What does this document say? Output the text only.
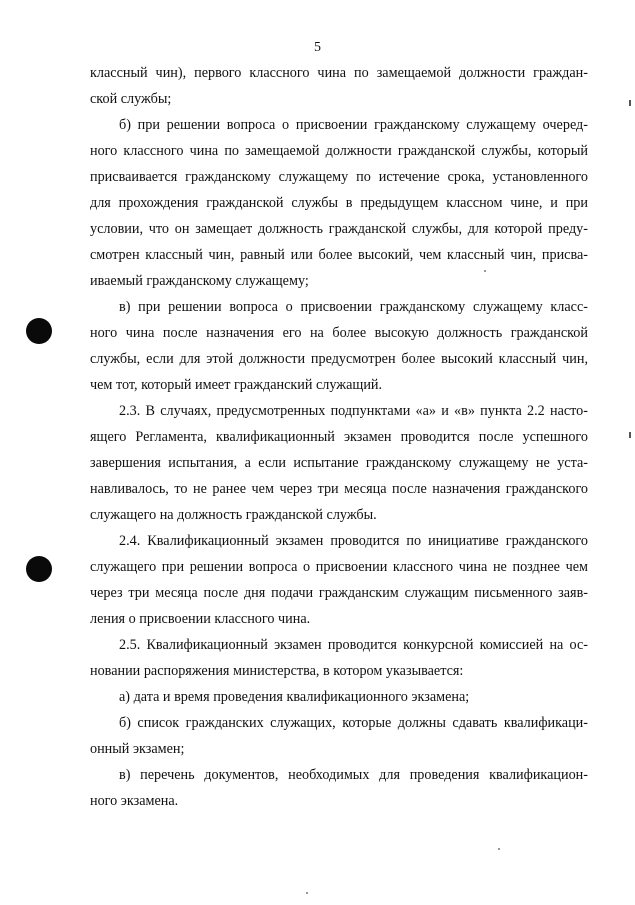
5
классный чин), первого классного чина по замещаемой должности граждан-
ской службы;
б) при решении вопроса о присвоении гражданскому служащему очеред-
ного классного чина по замещаемой должности гражданской службы, который
присваивается гражданскому служащему по истечение срока, установленного
для прохождения гражданской службы в предыдущем классном чине, и при
условии, что он замещает должность гражданской службы, для которой преду-
смотрен классный чин, равный или более высокий, чем классный чин, присва-
иваемый гражданскому служащему;
в) при решении вопроса о присвоении гражданскому служащему класс-
ного чина после назначения его на более высокую должность гражданской
службы, если для этой должности предусмотрен более высокий классный чин,
чем тот, который имеет гражданский служащий.
2.3. В случаях, предусмотренных подпунктами «а» и «в» пункта 2.2 насто-
ящего Регламента, квалификационный экзамен проводится после успешного
завершения испытания, а если испытание гражданскому служащему не уста-
навливалось, то не ранее чем через три месяца после назначения гражданского
служащего на должность гражданской службы.
2.4. Квалификационный экзамен проводится по инициативе гражданского
служащего при решении вопроса о присвоении классного чина не позднее чем
через три месяца после дня подачи гражданским служащим письменного заяв-
ления о присвоении классного чина.
2.5. Квалификационный экзамен проводится конкурсной комиссией на ос-
новании распоряжения министерства, в котором указывается:
а) дата и время проведения квалификационного экзамена;
б) список гражданских служащих, которые должны сдавать квалификаци-
онный экзамен;
в) перечень документов, необходимых для проведения квалификацион-
ного экзамена.
